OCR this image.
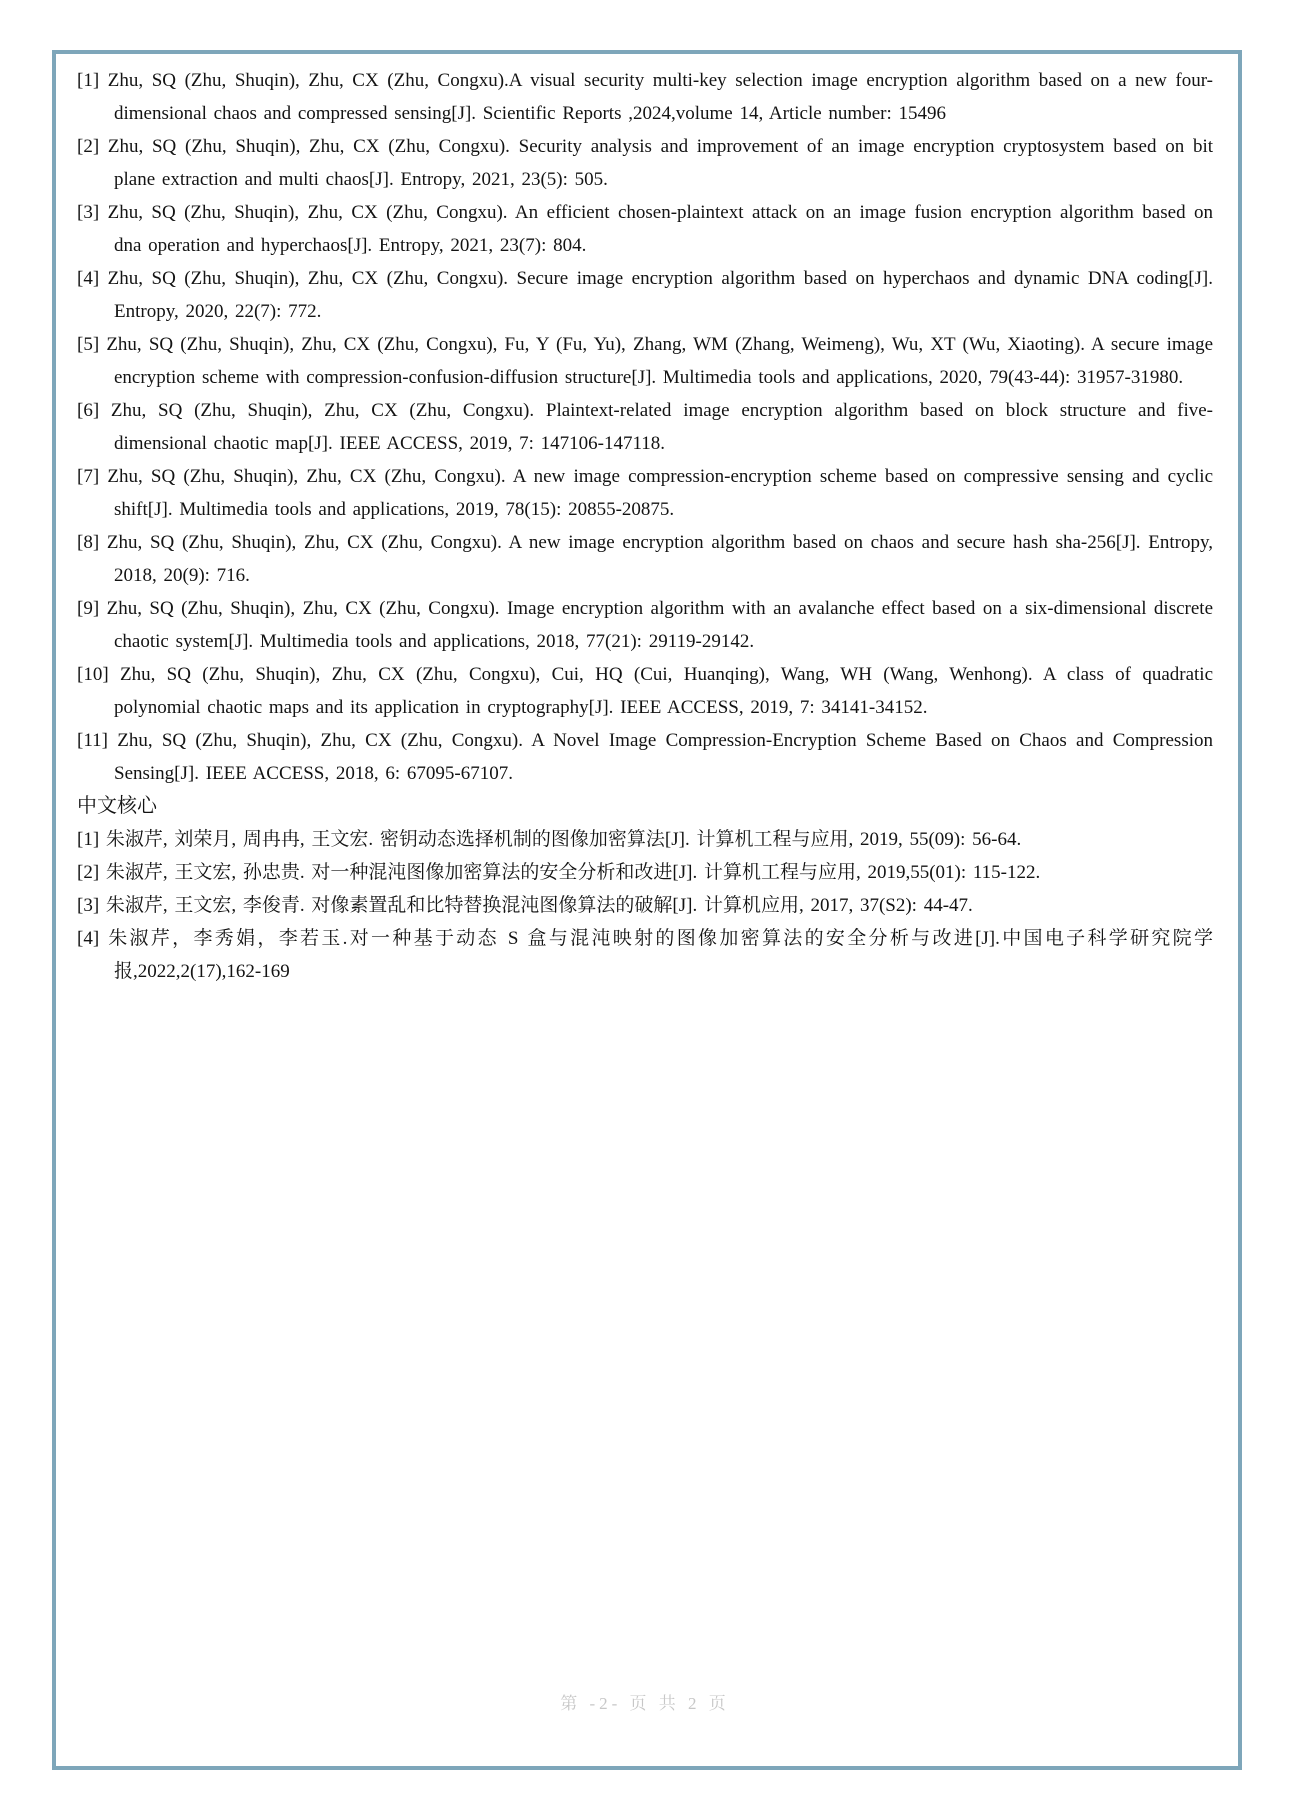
[1] Zhu, SQ (Zhu, Shuqin), Zhu, CX (Zhu, Congxu).A visual security multi-key selection image encryption algorithm based on a new four-dimensional chaos and compressed sensing[J]. Scientific Reports ,2024,volume 14, Article number: 15496

[2] Zhu, SQ (Zhu, Shuqin), Zhu, CX (Zhu, Congxu). Security analysis and improvement of an image encryption cryptosystem based on bit plane extraction and multi chaos[J]. Entropy, 2021, 23(5): 505.

[3] Zhu, SQ (Zhu, Shuqin), Zhu, CX (Zhu, Congxu). An efficient chosen-plaintext attack on an image fusion encryption algorithm based on dna operation and hyperchaos[J]. Entropy, 2021, 23(7): 804.

[4] Zhu, SQ (Zhu, Shuqin), Zhu, CX (Zhu, Congxu). Secure image encryption algorithm based on hyperchaos and dynamic DNA coding[J]. Entropy, 2020, 22(7): 772.

[5] Zhu, SQ (Zhu, Shuqin), Zhu, CX (Zhu, Congxu), Fu, Y (Fu, Yu), Zhang, WM (Zhang, Weimeng), Wu, XT (Wu, Xiaoting). A secure image encryption scheme with compression-confusion-diffusion structure[J]. Multimedia tools and applications, 2020, 79(43-44): 31957-31980.

[6] Zhu, SQ (Zhu, Shuqin), Zhu, CX (Zhu, Congxu). Plaintext-related image encryption algorithm based on block structure and five-dimensional chaotic map[J]. IEEE ACCESS, 2019, 7: 147106-147118.

[7] Zhu, SQ (Zhu, Shuqin), Zhu, CX (Zhu, Congxu). A new image compression-encryption scheme based on compressive sensing and cyclic shift[J]. Multimedia tools and applications, 2019, 78(15): 20855-20875.

[8] Zhu, SQ (Zhu, Shuqin), Zhu, CX (Zhu, Congxu). A new image encryption algorithm based on chaos and secure hash sha-256[J]. Entropy, 2018, 20(9): 716.

[9] Zhu, SQ (Zhu, Shuqin), Zhu, CX (Zhu, Congxu). Image encryption algorithm with an avalanche effect based on a six-dimensional discrete chaotic system[J]. Multimedia tools and applications, 2018, 77(21): 29119-29142.

[10] Zhu, SQ (Zhu, Shuqin), Zhu, CX (Zhu, Congxu), Cui, HQ (Cui, Huanqing), Wang, WH (Wang, Wenhong). A class of quadratic polynomial chaotic maps and its application in cryptography[J]. IEEE ACCESS, 2019, 7: 34141-34152.

[11] Zhu, SQ (Zhu, Shuqin), Zhu, CX (Zhu, Congxu). A Novel Image Compression-Encryption Scheme Based on Chaos and Compression Sensing[J]. IEEE ACCESS, 2018, 6: 67095-67107.

中文核心

[1] 朱淑芹, 刘荣月, 周冉冉, 王文宏. 密钥动态选择机制的图像加密算法[J]. 计算机工程与应用, 2019, 55(09): 56-64.

[2] 朱淑芹, 王文宏, 孙忠贵. 对一种混沌图像加密算法的安全分析和改进[J]. 计算机工程与应用, 2019,55(01): 115-122.

[3] 朱淑芹, 王文宏, 李俊青. 对像素置乱和比特替换混沌图像算法的破解[J]. 计算机应用, 2017, 37(S2): 44-47.

[4] 朱淑芹，李秀娟，李若玉.对一种基于动态 S 盒与混沌映射的图像加密算法的安全分析与改进[J].中国电子科学研究院学报,2022,2(17),162-169

第 -2- 页 共 2 页
